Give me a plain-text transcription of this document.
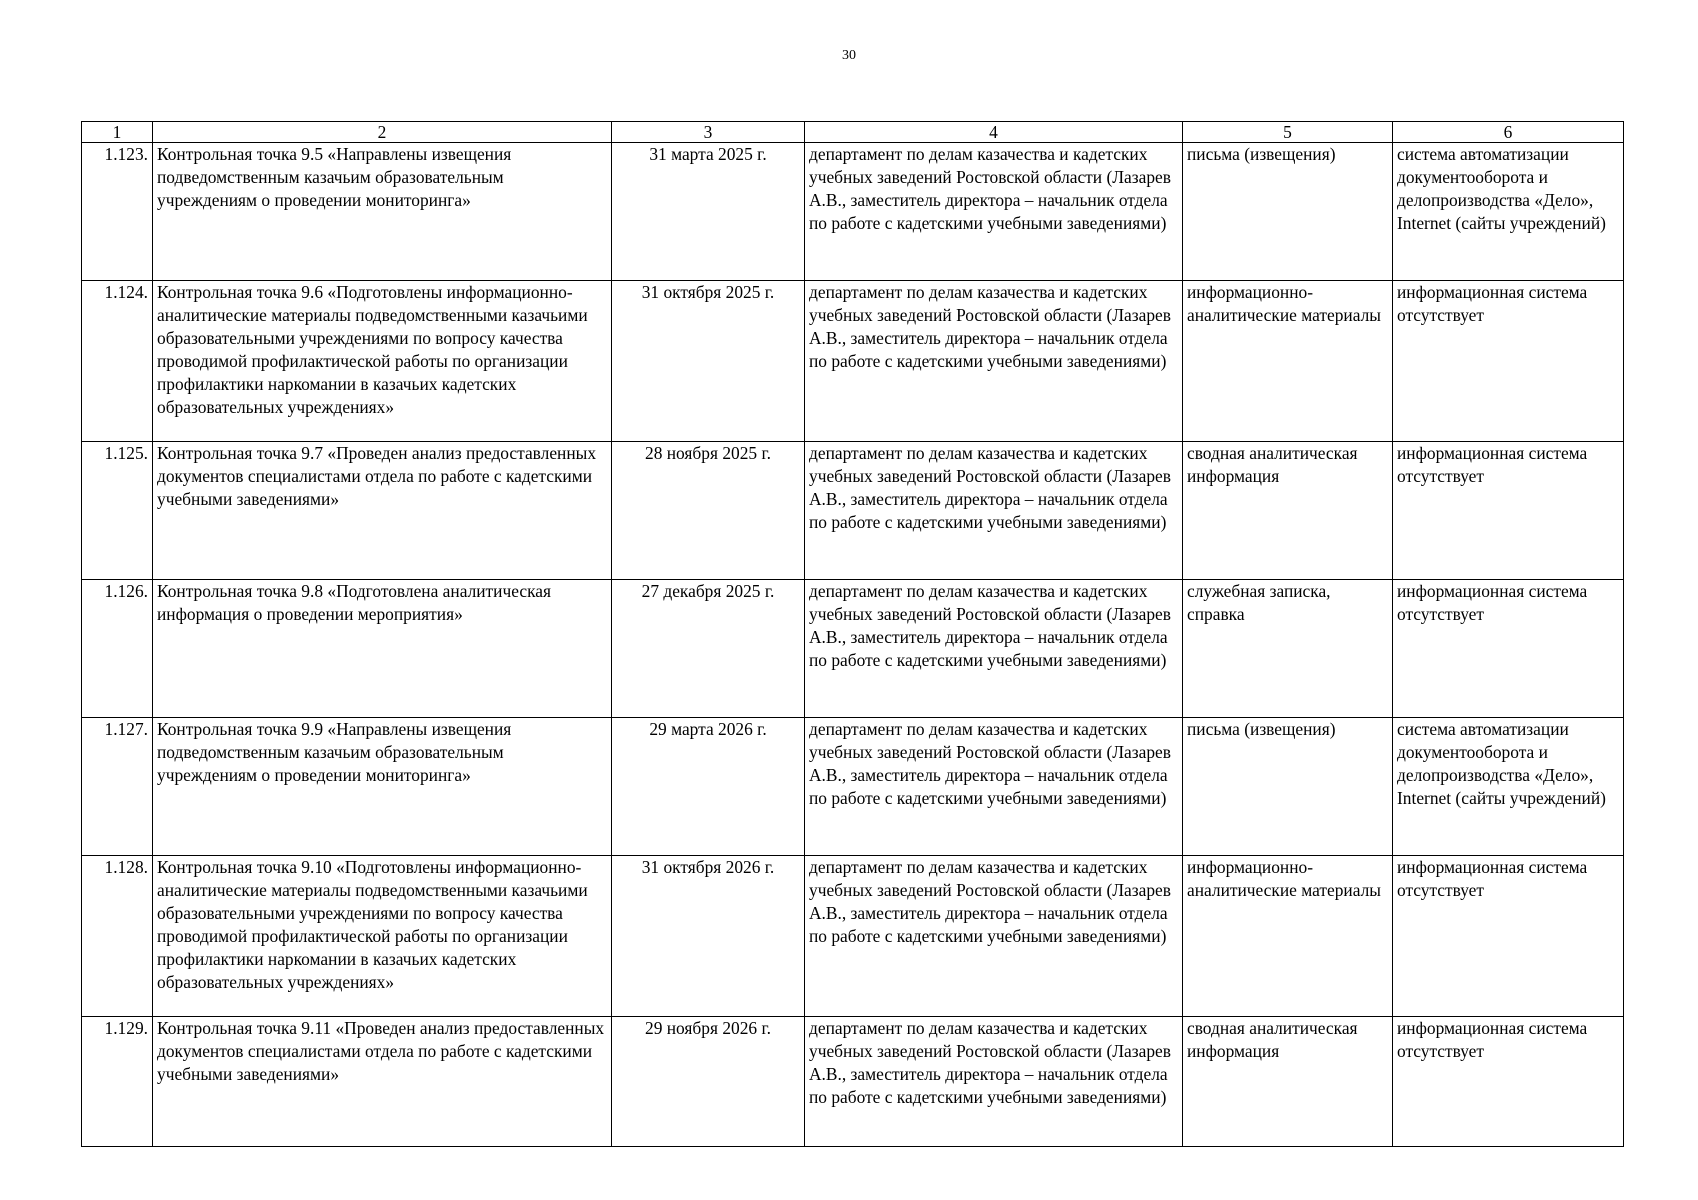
30
1	2	3	4	5	6
1.123.	Контрольная точка 9.5 «Направлены извещения подведомственным казачьим образовательным учреждениям о проведении мониторинга»	31 марта 2025 г.	департамент по делам казачества и кадетских учебных заведений Ростовской области (Лазарев А.В., заместитель директора – начальник отдела по работе с кадетскими учебными заведениями)	письма (извещения)	система автоматизации документооборота и делопроизводства «Дело», Internet (сайты учреждений)
1.124.	Контрольная точка 9.6 «Подготовлены информационно-аналитические материалы подведомственными казачьими образовательными учреждениями по вопросу качества проводимой профилактической работы по организации профилактики наркомании в казачьих кадетских образовательных учреждениях»	31 октября 2025 г.	департамент по делам казачества и кадетских учебных заведений Ростовской области (Лазарев А.В., заместитель директора – начальник отдела по работе с кадетскими учебными заведениями)	информационно-аналитические материалы	информационная система отсутствует
1.125.	Контрольная точка 9.7 «Проведен анализ предоставленных документов специалистами отдела по работе с кадетскими учебными заведениями»	28 ноября 2025 г.	департамент по делам казачества и кадетских учебных заведений Ростовской области (Лазарев А.В., заместитель директора – начальник отдела по работе с кадетскими учебными заведениями)	сводная аналитическая информация	информационная система отсутствует
1.126.	Контрольная точка 9.8 «Подготовлена аналитическая информация о проведении мероприятия»	27 декабря 2025 г.	департамент по делам казачества и кадетских учебных заведений Ростовской области (Лазарев А.В., заместитель директора – начальник отдела по работе с кадетскими учебными заведениями)	служебная записка, справка	информационная система отсутствует
1.127.	Контрольная точка 9.9 «Направлены извещения подведомственным казачьим образовательным учреждениям о проведении мониторинга»	29 марта 2026 г.	департамент по делам казачества и кадетских учебных заведений Ростовской области (Лазарев А.В., заместитель директора – начальник отдела по работе с кадетскими учебными заведениями)	письма (извещения)	система автоматизации документооборота и делопроизводства «Дело», Internet (сайты учреждений)
1.128.	Контрольная точка 9.10 «Подготовлены информационно-аналитические материалы подведомственными казачьими образовательными учреждениями по вопросу качества проводимой профилактической работы по организации профилактики наркомании в казачьих кадетских образовательных учреждениях»	31 октября 2026 г.	департамент по делам казачества и кадетских учебных заведений Ростовской области (Лазарев А.В., заместитель директора – начальник отдела по работе с кадетскими учебными заведениями)	информационно-аналитические материалы	информационная система отсутствует
1.129.	Контрольная точка 9.11 «Проведен анализ предоставленных документов специалистами отдела по работе с кадетскими учебными заведениями»	29 ноября 2026 г.	департамент по делам казачества и кадетских учебных заведений Ростовской области (Лазарев А.В., заместитель директора – начальник отдела по работе с кадетскими учебными заведениями)	сводная аналитическая информация	информационная система отсутствует
